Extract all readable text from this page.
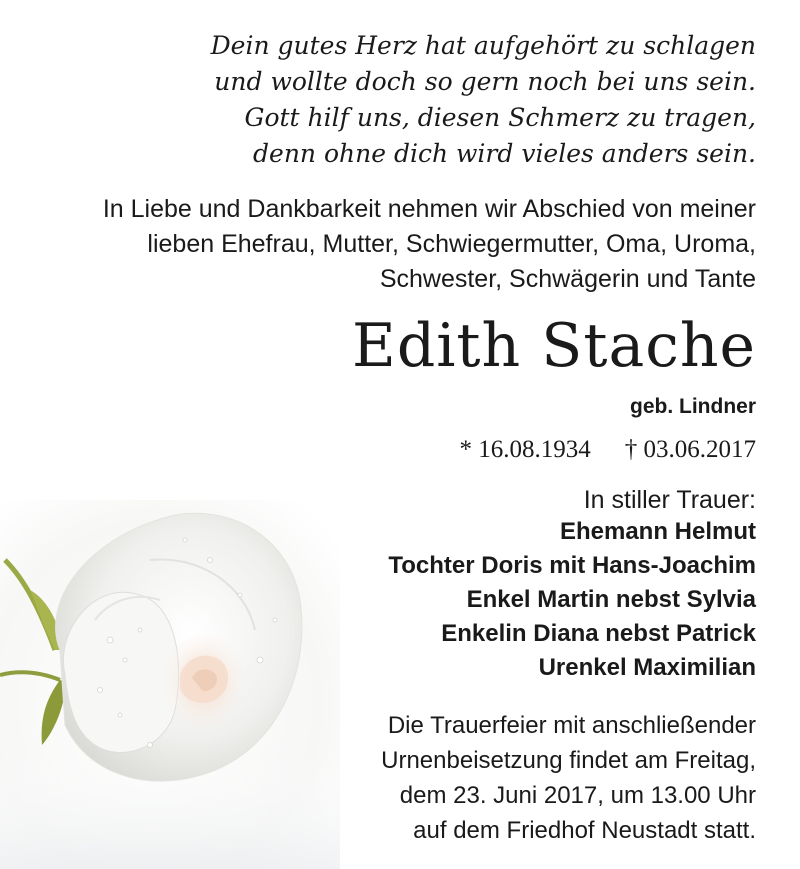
Dein gutes Herz hat aufgehört zu schlagen
und wollte doch so gern noch bei uns sein.
Gott hilf uns, diesen Schmerz zu tragen,
denn ohne dich wird vieles anders sein.
In Liebe und Dankbarkeit nehmen wir Abschied von meiner
lieben Ehefrau, Mutter, Schwiegermutter, Oma, Uroma,
Schwester, Schwägerin und Tante
Edith Stache
geb. Lindner
* 16.08.1934 † 03.06.2017
In stiller Trauer:
Ehemann Helmut
Tochter Doris mit Hans-Joachim
Enkel Martin nebst Sylvia
Enkelin Diana nebst Patrick
Urenkel Maximilian
Die Trauerfeier mit anschließender
Urnenbeisetzung findet am Freitag,
dem 23. Juni 2017, um 13.00 Uhr
auf dem Friedhof Neustadt statt.
